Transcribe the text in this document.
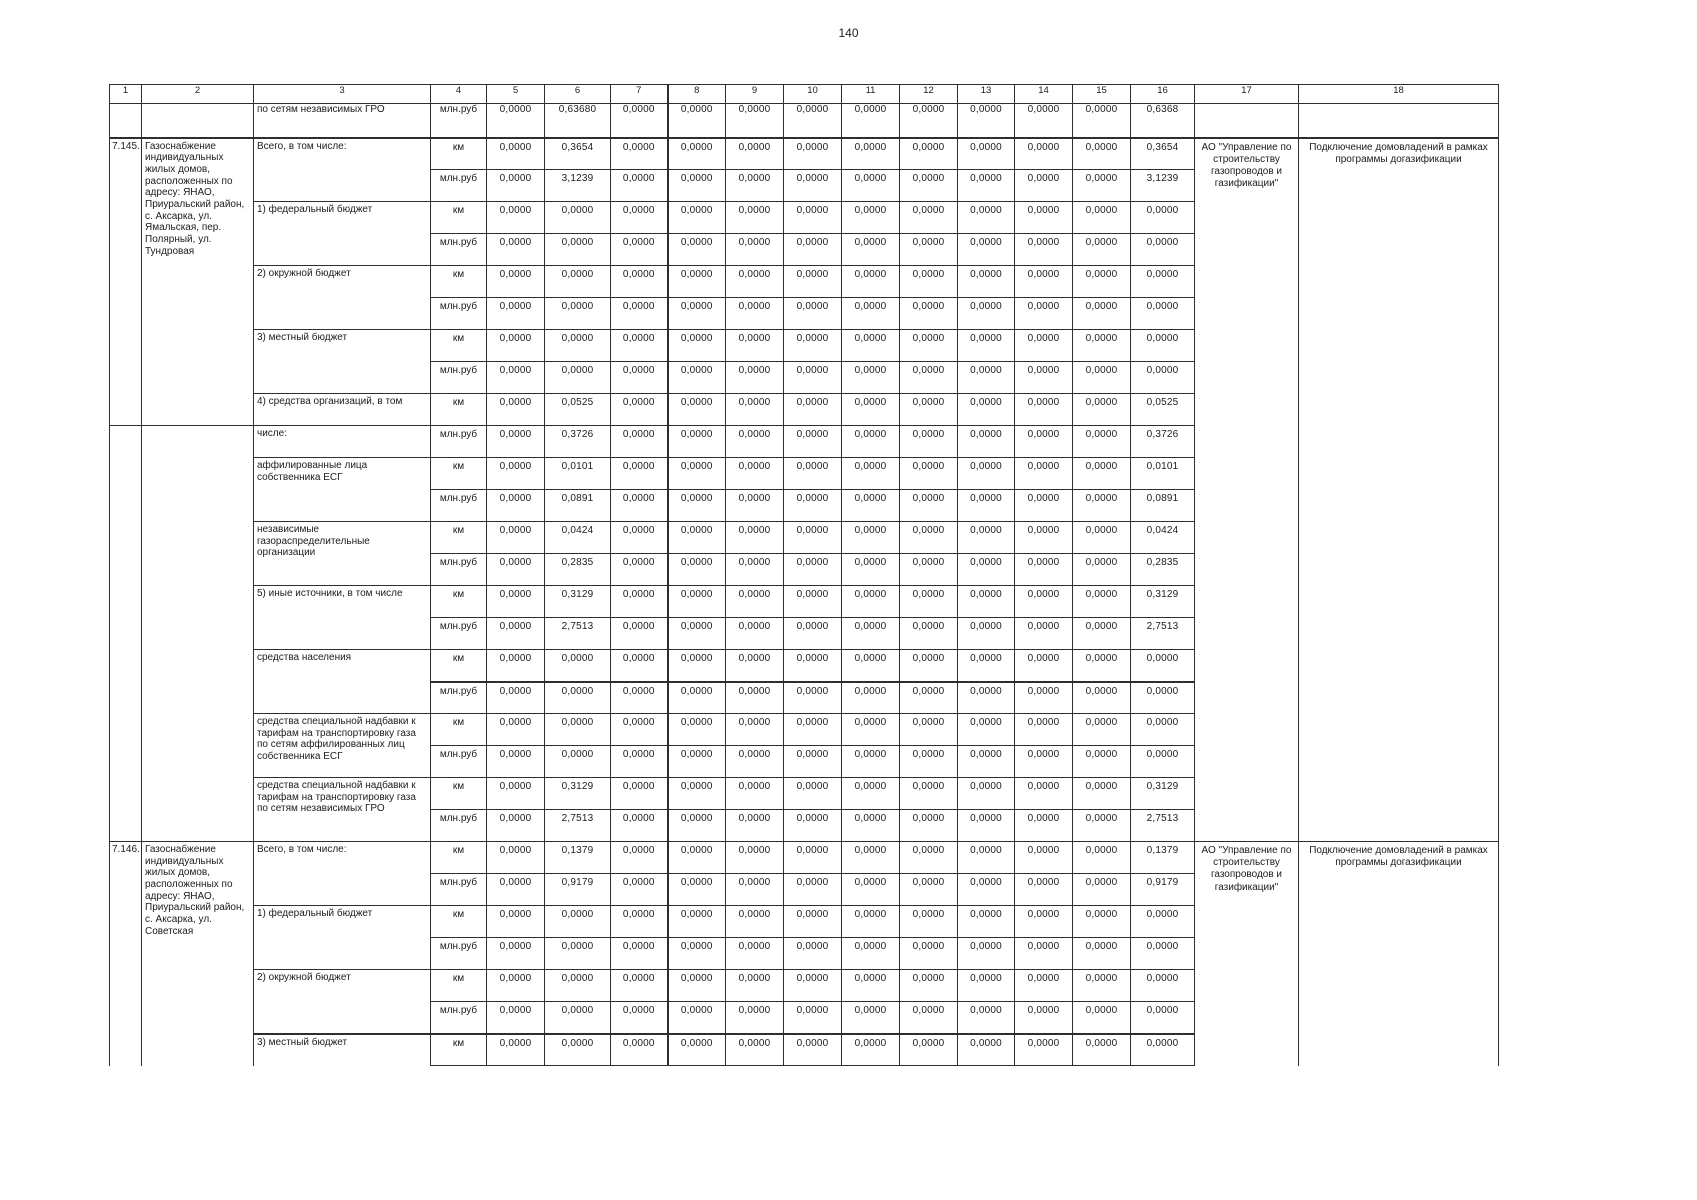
140
1	2	3	4	5	6	7	8	9	10	11	12	13	14	15	16	17	18
		по сетям независимых ГРО	млн.руб	0,0000	0,63680	0,0000	0,0000	0,0000	0,0000	0,0000	0,0000	0,0000	0,0000	0,0000	0,6368		
7.145.	Газоснабжение индивидуальных жилых домов, расположенных по адресу: ЯНАО, Приуральский район, с. Аксарка, ул. Ямальская, пер. Полярный, ул. Тундровая	Всего, в том числе:	км	0,0000	0,3654	0,0000	0,0000	0,0000	0,0000	0,0000	0,0000	0,0000	0,0000	0,0000	0,3654	АО "Управление по строительству газопроводов и газификации"	Подключение домовладений в рамках программы догазификации
			млн.руб	0,0000	3,1239	0,0000	0,0000	0,0000	0,0000	0,0000	0,0000	0,0000	0,0000	0,0000	3,1239		
		1) федеральный бюджет	км	0,0000	0,0000	0,0000	0,0000	0,0000	0,0000	0,0000	0,0000	0,0000	0,0000	0,0000	0,0000		
			млн.руб	0,0000	0,0000	0,0000	0,0000	0,0000	0,0000	0,0000	0,0000	0,0000	0,0000	0,0000	0,0000		
		2) окружной бюджет	км	0,0000	0,0000	0,0000	0,0000	0,0000	0,0000	0,0000	0,0000	0,0000	0,0000	0,0000	0,0000		
			млн.руб	0,0000	0,0000	0,0000	0,0000	0,0000	0,0000	0,0000	0,0000	0,0000	0,0000	0,0000	0,0000		
		3) местный бюджет	км	0,0000	0,0000	0,0000	0,0000	0,0000	0,0000	0,0000	0,0000	0,0000	0,0000	0,0000	0,0000		
			млн.руб	0,0000	0,0000	0,0000	0,0000	0,0000	0,0000	0,0000	0,0000	0,0000	0,0000	0,0000	0,0000		
		4) средства организаций, в том	км	0,0000	0,0525	0,0000	0,0000	0,0000	0,0000	0,0000	0,0000	0,0000	0,0000	0,0000	0,0525		
		числе:	млн.руб	0,0000	0,3726	0,0000	0,0000	0,0000	0,0000	0,0000	0,0000	0,0000	0,0000	0,0000	0,3726		
		аффилированные лица собственника ЕСГ	км	0,0000	0,0101	0,0000	0,0000	0,0000	0,0000	0,0000	0,0000	0,0000	0,0000	0,0000	0,0101		
			млн.руб	0,0000	0,0891	0,0000	0,0000	0,0000	0,0000	0,0000	0,0000	0,0000	0,0000	0,0000	0,0891		
		независимые газораспределительные организации	км	0,0000	0,0424	0,0000	0,0000	0,0000	0,0000	0,0000	0,0000	0,0000	0,0000	0,0000	0,0424		
			млн.руб	0,0000	0,2835	0,0000	0,0000	0,0000	0,0000	0,0000	0,0000	0,0000	0,0000	0,0000	0,2835		
		5) иные источники, в том числе	км	0,0000	0,3129	0,0000	0,0000	0,0000	0,0000	0,0000	0,0000	0,0000	0,0000	0,0000	0,3129		
			млн.руб	0,0000	2,7513	0,0000	0,0000	0,0000	0,0000	0,0000	0,0000	0,0000	0,0000	0,0000	2,7513		
		средства населения	км	0,0000	0,0000	0,0000	0,0000	0,0000	0,0000	0,0000	0,0000	0,0000	0,0000	0,0000	0,0000		
			млн.руб	0,0000	0,0000	0,0000	0,0000	0,0000	0,0000	0,0000	0,0000	0,0000	0,0000	0,0000	0,0000		
		средства специальной надбавки к тарифам на транспортировку газа по сетям аффилированных лиц собственника ЕСГ	км	0,0000	0,0000	0,0000	0,0000	0,0000	0,0000	0,0000	0,0000	0,0000	0,0000	0,0000	0,0000		
			млн.руб	0,0000	0,0000	0,0000	0,0000	0,0000	0,0000	0,0000	0,0000	0,0000	0,0000	0,0000	0,0000		
		средства специальной надбавки к тарифам на транспортировку газа по сетям независимых ГРО	км	0,0000	0,3129	0,0000	0,0000	0,0000	0,0000	0,0000	0,0000	0,0000	0,0000	0,0000	0,3129		
			млн.руб	0,0000	2,7513	0,0000	0,0000	0,0000	0,0000	0,0000	0,0000	0,0000	0,0000	0,0000	2,7513		
7.146.	Газоснабжение индивидуальных жилых домов, расположенных по адресу: ЯНАО, Приуральский район, с. Аксарка, ул. Советская	Всего, в том числе:	км	0,0000	0,1379	0,0000	0,0000	0,0000	0,0000	0,0000	0,0000	0,0000	0,0000	0,0000	0,1379	АО "Управление по строительству газопроводов и газификации"	Подключение домовладений в рамках программы догазификации
			млн.руб	0,0000	0,9179	0,0000	0,0000	0,0000	0,0000	0,0000	0,0000	0,0000	0,0000	0,0000	0,9179		
		1) федеральный бюджет	км	0,0000	0,0000	0,0000	0,0000	0,0000	0,0000	0,0000	0,0000	0,0000	0,0000	0,0000	0,0000		
			млн.руб	0,0000	0,0000	0,0000	0,0000	0,0000	0,0000	0,0000	0,0000	0,0000	0,0000	0,0000	0,0000		
		2) окружной бюджет	км	0,0000	0,0000	0,0000	0,0000	0,0000	0,0000	0,0000	0,0000	0,0000	0,0000	0,0000	0,0000		
			млн.руб	0,0000	0,0000	0,0000	0,0000	0,0000	0,0000	0,0000	0,0000	0,0000	0,0000	0,0000	0,0000		
		3) местный бюджет	км	0,0000	0,0000	0,0000	0,0000	0,0000	0,0000	0,0000	0,0000	0,0000	0,0000	0,0000	0,0000		
